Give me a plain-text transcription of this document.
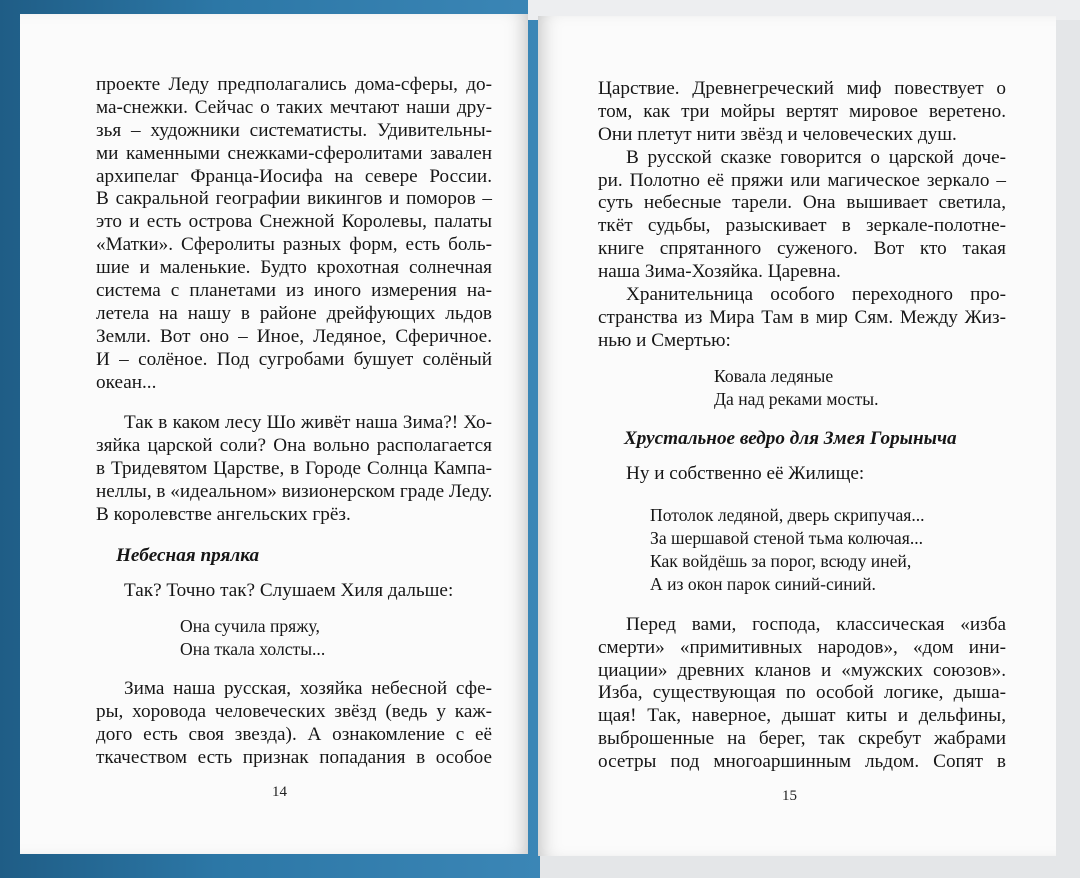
проекте Леду предполагались дома-сферы, до-
ма-снежки. Сейчас о таких мечтают наши дру-
зья – художники систематисты. Удивительны-
ми каменными снежками-сферолитами завален
архипелаг Франца-Иосифа на севере России.
В сакральной географии викингов и поморов –
это и есть острова Снежной Королевы, палаты
«Матки». Сферолиты разных форм, есть боль-
шие и маленькие. Будто крохотная солнечная
система с планетами из иного измерения на-
летела на нашу в районе дрейфующих льдов
Земли. Вот оно – Иное, Ледяное, Сферичное.
И – солёное. Под сугробами бушует солёный
океан...
Так в каком лесу Шо живёт наша Зима?! Хо-
зяйка царской соли? Она вольно располагается
в Тридевятом Царстве, в Городе Солнца Кампа-
неллы, в «идеальном» визионерском граде Леду.
В королевстве ангельских грёз.
Небесная прялка
Так? Точно так? Слушаем Хиля дальше:
Она сучила пряжу,
Она ткала холсты...
Зима наша русская, хозяйка небесной сфе-
ры, хоровода человеческих звёзд (ведь у каж-
дого есть своя звезда). А ознакомление с её
ткачеством есть признак попадания в особое
14
Царствие. Древнегреческий миф повествует о
том, как три мойры вертят мировое веретено.
Они плетут нити звёзд и человеческих душ.
В русской сказке говорится о царской доче-
ри. Полотно её пряжи или магическое зеркало –
суть небесные тарели. Она вышивает светила,
ткёт судьбы, разыскивает в зеркале-полотне-
книге спрятанного суженого. Вот кто такая
наша Зима-Хозяйка. Царевна.
Хранительница особого переходного про-
странства из Мира Там в мир Сям. Между Жиз-
нью и Смертью:
Ковала ледяные
Да над реками мосты.
Хрустальное ведро для Змея Горыныча
Ну и собственно её Жилище:
Потолок ледяной, дверь скрипучая...
За шершавой стеной тьма колючая...
Как войдёшь за порог, всюду иней,
А из окон парок синий-синий.
Перед вами, господа, классическая «изба
смерти» «примитивных народов», «дом ини-
циации» древних кланов и «мужских союзов».
Изба, существующая по особой логике, дыша-
щая! Так, наверное, дышат киты и дельфины,
выброшенные на берег, так скребут жабрами
осетры под многоаршинным льдом. Сопят в
15
